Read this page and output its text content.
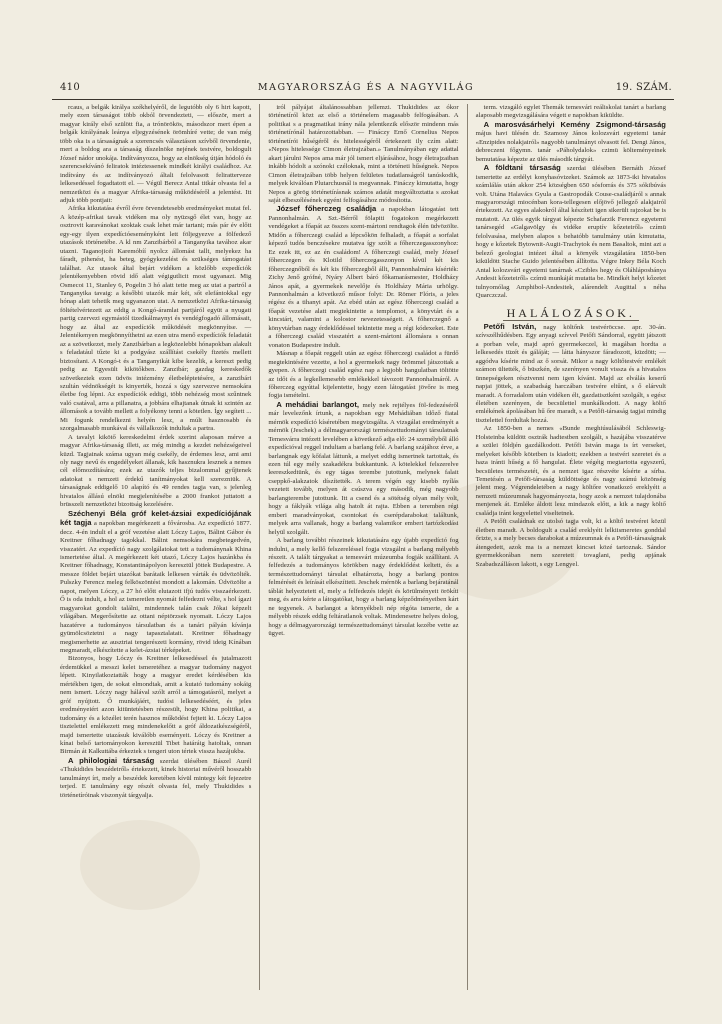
410	MAGYARORSZÁG ÉS A NAGYVILÁG	19. SZÁM.

rcaus, a belgák királya székhelyéről, de legutóbb oly 6 hirt kapott, mely ezen társaságot több okból örvendezteti, — először, mert a magyar király első szülött fia, a trónörökös, másodszor mert épen a belgák királyának leánya eljegyzésének örömhíré vette; de van még több oka is a társaságnak a szerencsés választáson szívből örvendenie, mert a boldog ara a társaság díszelnöke nejének testvére, boldogult József nádor unokája. Indítványozza, hogy az elnökség útján hódoló és szerencsekívánó feliratok intéztessenek mindkét királyi családhoz. Az indítvány és az indítványozó általi felolvasott feliratterveze lelkesedéssel fogadtatott el. — Végül Berecz Antal titkár olvasta fel a nemzetközi és a magyar Afrika-társaság működéséről a jelentést. Itt adjuk több pontjait:

Afrika kikutatása évről évre örvendetesebb eredményeket mutat fel. A közép-afrikai tavak vidéken ma oly nyüzsgő élet van, hogy az osztrovit karavánokat szoktak csak lehet már tartani; más pár év előtt egy-egy ilyen expedícióeseményként lett följegyezve a fölfedező utazások történetébe. A kl nm Zanzibárból a Tanganyika tavához akar utazni. Taganojicéi Karemóbíí nyolcz állomást tallt, melyekez ha fáradt, pihenést, ha beteg, gyógykezelést és szükséges támogatást találhat. Az utasok által bejárt vidéken a közlőbb expedíciók jelentékenyebben rövid idő alatt végigutlicit most ugyanazt. Mig Osmecoi 11, Stanley 6, Pogelin 3 hó alatt tette meg az utat a partról a Tanganyika tavaig: a későbbi utazók már két, sőt elefántokkal egy hónap alatt tehetik meg ugyanazon utat. A nemzetközi Afrika-társaság föltételvértezett az eddig a Kongó-áramlat partjáról együt a nyugati partig czervezi egymástól tizedkálmaynyi és vendégfogadó állomásait, hogy az által az expedíciók működését megkönnyítse. — Jelentékenyen megkönnyíthetni az ezen utra menő expedíciók feladatát az a szövetkezet, mely Zanzibárban a legközelebbi hónapokban alakult s feladatául tűzte ki a podgyász szállítást csekély fizetés mellett biztosítani. A Kongó-t és a Tanganyikát kibe kezelik, a kereszt pedig pedig az Egyesült kikötőkben. Zanzibár; gazdag kereskedők szövetkeztek ezen üdvös intézmény életbeléptetésére, a zanzibári szultán védnökségét is kinyerték, hozzá s úgy szervezve nemsokára életbe fog lépni. Az expedíciók eddigi, több nehézség most szűntnek való csatával, arra a pillanatra, a jobbára elhajtanak útnak ki szintén az állomások a tovább mellett a folyékony tenni a kötetlen. Így segített ... Mi fogunk rendelkezni helyén lesz, a múlt hasznosabb és szorgalmasabb munkával és vállalkozók indultak a partra.

A tavalyi kikötő kereskedelmi érdek szerint alaposan mérve a magyar Afrika-társaság illeti, az még mindig a kezdet nehézségeivel küzd. Tagjainak száma ugyan még csekély, de érdemes lesz, ami ami oly nagy nevű és engedélyeket állanak, kik hasznukra lesznek a nemes cél előmozdítására; ezek az utazók teljes bizalommal gyűjtenek adatokat s nemzeti érdekű tanítmányokat kell szerezniük. A társaságnak eddigelő 10 alapító és 49 rendes tagja van, s jelenleg hivatalos állású elnöki megjelenítésébe a 2000 frankot juttatott a brüsszeli nemzetközi bizottság kezelésére.

Széchenyi Béla gróf kelet-ázsiai expedíciójának két tagja a napokban megérkezett a fővárosba. Az expedíció 1877. decz. 4-én indult el a gróf vezetése alatt Lóczy Lajos, Bálint Gábor és Kreitner főhadnagy tagokkal. Bálint nemsokára megbetegedvén, visszatért. Az expedíció nagy szolgálatokat tett a tudománynak Khina ismertetése által. A megérkezett két utazó, Lóczy Lajos hazánkba és Kreitner főhadnagy, Konstantinápolyon keresztül jöttek Budapestre. A messze földet bejárt utazókat barátaik lelkesen várták és üdvözölték. Pulszky Ferencz meleg felköszöntést mondott a lakomán. Üdvözölte a napot, melyen Lóczy, a 27 hó előtt elutazott ifjú tudós visszaérkezett. Ő is oda indult, a hol az ismeretlen nyomát felfedezni vélte, s hol ígazi magyarokat gondolt találni, mindennek talán csak Jókai képzelt világában. Megerősítette az ottani néptörzsek nyomait. Lóczy Lajos hazatérve a tudományos társulatban és a tanári pályán kívánja gyümölcsöztetni a nagy tapasztalatait. Kreitner főhadnagy megismerhette az ausztriai tengerészeti kormány, rövid ideig Kínában megmaradt, elkészítette a kelet-ázsiai térképeket.

Bizonyos, hogy Lóczy és Kreitner lelkesedéssel és jutalmazott érdemükkel a messzi kelet ismeretéhez a magyar tudomány nagyot lépett. Kinyilatkoztatták hogy a magyar eredet kérdésében kis mértékben igen, de sokat elmondtak, amit a kutató tudomány sokáig nem ismert. Lóczy nagy hálával szólt arról a támogatásról, melyet a gróf nyújtott. Ő munkájáért, tudósi lelkesedéséért, és jeles eredményeiért azon kitüntetésben részesült, hogy Khina politikai, a tudomány és a közélet terén hasznos működést fejtett ki. Lóczy Lajos tisztelettel emlékezett meg mindenekelőtt a gróf áldozatkészségéről, majd ismertette utazásuk kiválóbb eseményeit. Lóczy és Kreitner a kínai belső tartományokon keresztül Tibet határáig hatoltak, onnan Birmán át Kalkuttába érkeztek s tengeri uton tértek vissza hazájukba.

A philologiai társaság szerdai ülésében Bászel Aurél «Thukidides beszédeiről» értekezett, kinek historiai művéről hosszabb tanulmányt írt, mely a beszédek keretében kívül mintegy két fejezetre terjed. E tanulmány egy részét olvasta fel, mely Thukidides s történetíróinak viszonyát tárgyalja.

iról pályájat általánossabban jellemzi. Thukidides az ókor történetíról közt az első a történelem magasabb felfogásában. A politikai s a pragmatikai irány nála jelentkezik először mindenn más történetírónál határozottabban. — Fináczy Ernő Cornelius Nepos történetírói hűségéről és hitelességéről értekezett ily czím alatt: «Nepos hitelessége Cimon életrajzában.» Tanulmányában egy adattal akart járulni Nepos ama már jól ismert eljárásához, hogy életrajzaiban inkább hódolt a szónoki czéloknak, mint a történeti hűségnek. Nepos Cimon életrajzában több helyen felületes tudatlanságról tanúskodik, melyek kiválóan Plutarchusnál is megvannak. Fináczy kimutatta, hogy Nepos a görög történetírásnak számos adatát megváltoztatta s azokat saját elbeszélésének egyéni felfogásához módosította.

József főherczeg családja a napokban látogatást tett Pannonhalmán. A Szt.-Bérről fölapiti fogatokon megérkezett vendégeket a főapát az összes szent-mártoni rendtagok élén üdvözölte. Midőn a főherczegi család a lépcsőkön felhaladt, a főapát a sorfalat képező tudós benczésekre mutatva így szólt a főherczegasszonyhoz: Ez ezek itt, ez az én családom! A főherczegi család, mely József főherczegen és Klotild főherczegasszonyon kívül két kis főherczegnőből és két kis főherczegből állt, Pannonhalmára kísérték: Zichy Jenő grófné, Nyáry Albert báró főkamarásmester, Holdházy János apát, a gyermekek nevelője és Holdházy Mária urhölgy. Pannonhalmán a következő műsor folyt: Dr. Römer Flóris, a jeles régész és a tihanyi apát. Az ebéd után az egész főherczegi család a főapát vezetése alatt megtekintette a templomot, a könyvtárt és a kincstárt, valamint a kolostor nevezetességeit. A főherczegnő a könyvtárban nagy érdeklődéssel tekintette meg a régi kódexeket. Este a főherczegi család visszatért a szent-mártoni állomásra s onnan vonaton Budapestre indult.

Másnap a főapát reggeli után az egész főherczegi családot a fürdő megtekintésére vezette, a hol a gyermekek nagy örömmel játszottak a gyepen. A főherczegi család egész nap a legjobb hangulatban töltötte az időt és a legkellemesebb emlékekkel távozott Pannonhalmáról. A főherczeg egyúttal kijelentette, hogy ezen látogatást jövőre is meg fogja ismételni.

A mehádiai barlangot, mely nek rejtélyes föl-fedezéséről már levelezőnk írtunk, a napokban egy Mehádiában időző fiatal mérnök expedíció kíséretében megvizsgálta. A vizsgálat eredményét a mérnök (Jeschek) a délmagyarországi természettudományi társulatnak Temesvárra intézett levelében a következő adja elő: 24 személyből álló expedícióval reggel indultam a barlang felé. A barlang szájához érve, a barlangnak egy kőfalat láttunk, a melyet eddig ismertnek tartottak, és ezen túl egy mély szakadékra bukkantunk. A kötelekkel felszerelve leereszkedtünk, és egy tágas terembe jutottunk, melynek falait cseppkő-alakzatok díszítették. A terem végén egy kisebb nyílás vezetett tovább, melyen át csúszva egy második, még nagyobb barlangterembe jutottunk. Itt a csend és a sötétség olyan mély volt, hogy a fáklyák világa alig hatolt át rajta. Ebben a teremben régi emberi maradványokat, csontokat és cserépdarabokat találtunk, melyek arra vallanak, hogy a barlang valamikor emberi tartózkodási helyül szolgált.

A barlang további részeinek kikutatására egy újabb expedíció fog indulni, a mely kellő felszereléssel fogja vizsgálni a barlang mélyebb részeit. A talált tárgyakat a temesvári múzeumba fogják szállítani. A felfedezés a tudományos körökben nagy érdeklődést keltett, és a természettudományi társulat elhatározta, hogy a barlang pontos felmérését és leírását elkészítteti. Jeschek mérnök a barlang bejáratánál táblát helyeztetett el, mely a felfedezés idejét és körülményeit örökíti meg, és arra kérte a látogatókat, hogy a barlang képződményeiben kárt ne tegyenek. A barlangot a környékbeli nép régóta ismerte, de a mélyebb részek eddig feltáratlanok voltak. Mindenesetre helyes dolog, hogy a délmagyarországi természettudományi társulat kezébe vette az ügyet.

term. vizsgáló egylet Themák temesvári reáliskolai tanárt a barlang alaposabb megvizsgálására végett e napokban kiküldte.

A marosvásárhelyi Kemény Zsigmond-társaság május havi ülésén dr. Szamosy János kolozsvári egyetemi tanár «Enzipides nolakjairól» nagyobb tanulmányt olvasott fel. Dengi János, debreczeni főgymn. tanár «Páholydalok» czimü költeményeinek bemutatása képezte az ülés második tárgyát.

A földtani társaság szerdai ülésében Bernáth József ismertette az erdélyi konyhasóvizeket. Számok az 1873-iki hivatalos számlálás után akkor 254 községben 650 sósforrás és 375 sókibúvás volt. Utána Halavács Gyula a Gastropodák Couse-családjáról s annak magyarországi miocénban kora-tellegesen előjövő jellegző alakjairól értekezett. Az egyes alakokról által készített igen sikerült rajzokat be is mutatott. Az ülés egyik tárgyat képezte Schafarzik Ferencz egyetemi tanársegéd «Galgavölgy és vidéke eruptív kőzeteiről» czímü felolvasása, melyben alapos s behatóbb tanulmány után kimutatta, hogy e kőzetek Bytownit-Augit-Trachytok és nem Basaltok, mint azt a belező geologiai intézet által a környék vizsgálatára 1850-ben kiküldött Stache Guido jelentésében állította. Végre Inkey Béla Koch Antal kolozsvári egyetemi tanárnak «Czibles hegy és Oláhláposbánya Andesit kőzeteiről» czímü munkáját mutatta be. Mindkét helyi kőzetet tulnyomólag Amphibol-Andesitek, alárendelt Augittal s néha Quarczczal.

HALÁLOZÁSOK.

Petőfi István, nagy költőnk testvéröccse. apr. 30-án. szívszélhűdésben. Egy anyagi szívvel Petőfi Sándorral, együtt játszott a porban vele, majd apró gyermekeczel, ki magában hordta a lelkesedés tüzét és gáláját; — látta hányszor fáradozott, küzdött; — aggódva kísérte mind az ő sorsát. Mikor a nagy költőtestvér emlékét számon ültették, ő büszkén, de szerényen vonult vissza és a hivatalos ünnepségeken résztvenni nem igen kívánt. Majd az elválás keserű napjai jöttek, a szabadság harczában testvére eltűnt, s ő elárvult maradt. A forradalom után vidéken élt, gazdatisztként szolgált, s egész életében szerényen, de becsülettel munkálkodott. A nagy költő emlékének ápolásában hű őre maradt, s a Petőfi-társaság tagjai mindig tisztelettel fordultak hozzá.

Az 1850-ben a nemes «Bunde meghiúsulásából Schleswig-Holsteinba küldött osztrák hadtestben szolgált, s hazájába visszatérve a szülei földjén gazdálkodott. Petőfi István maga is írt verseket, melyeket később kötetben is kiadott; ezekben a testvéri szeretet és a haza iránti hűség a fő hangulat. Élete végéig megtartotta egyszerű, becsületes természetét, és a nemzet igaz részvéte kísérte a sírba. Temetésén a Petőfi-társaság küldöttsége és nagy számú közönség jelent meg. Végrendeletében a nagy költőre vonatkozó ereklyéit a nemzeti múzeumnak hagyományozta, hogy azok a nemzet tulajdonába menjenek át. Emléke áldott lesz mindazok előtt, a kik a nagy költő családja iránt kegyelettel viseltetnek.

A Petőfi családnak ez utolsó tagja volt, ki a költő testvérei közül életben maradt. A boldogult a család ereklyéit lelkiismeretes gonddal őrizte, s a mely becses darabokat a múzeumnak és a Petőfi-társaságnak átengedett, azok ma is a nemzet kincsei közé tartoznak. Sándor gyermekkorában nem szeretett tovaglani, pedig apjának Szabadszálláson lakott, s egy Lengyel.
